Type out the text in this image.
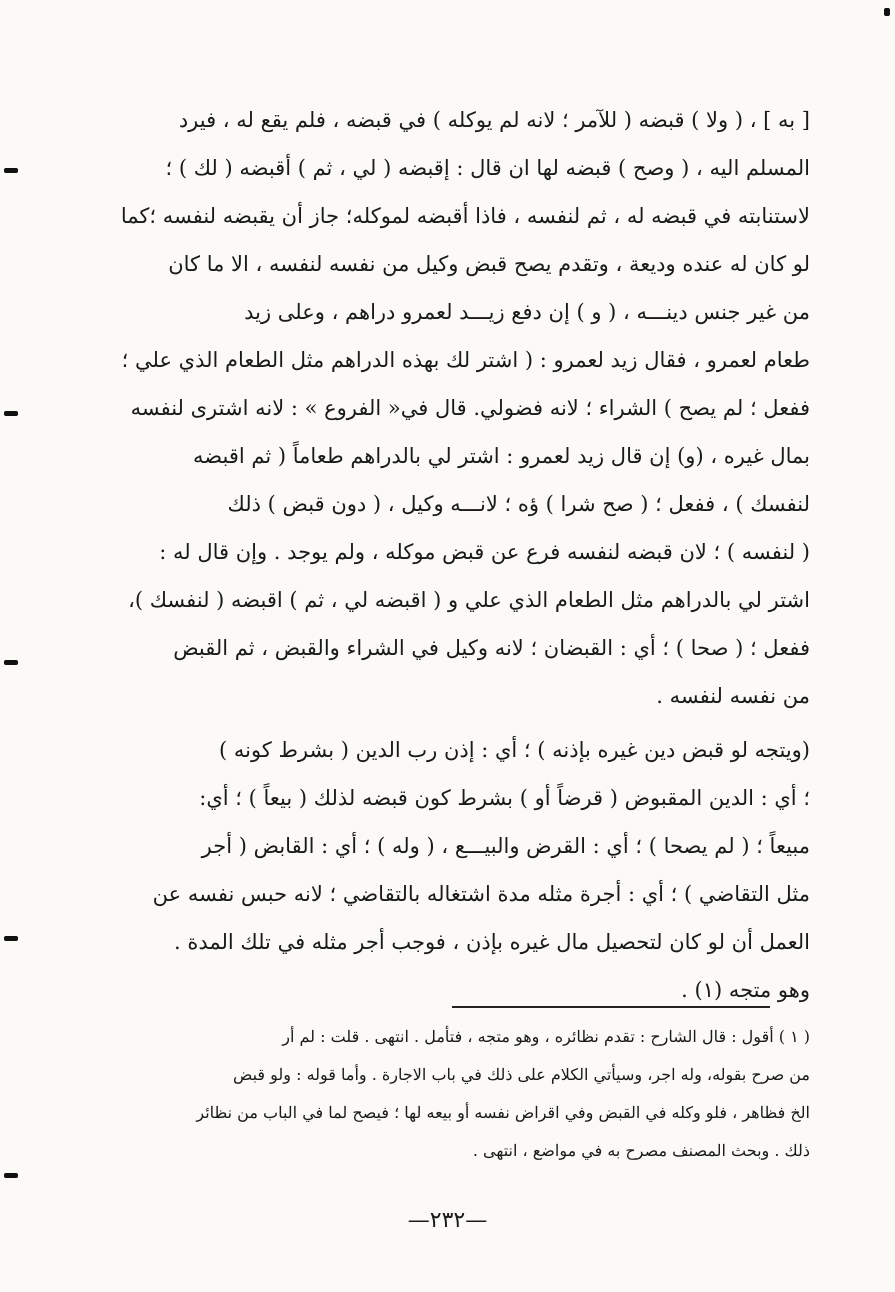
[ به ] ، ( ولا ) قبضه ( للآمر ؛ لانه لم يوكله ) في قبضه ، فلم يقع له ، فيرد
المسلم اليه ، ( وصح ) قبضه لها ان قال : إقبضه ( لي ، ثم ) أقبضه ( لك ) ؛
لاستنابته في قبضه له ، ثم لنفسه ، فاذا أقبضه لموكله؛ جاز أن يقبضه لنفسه ؛كما
لو كان له عنده وديعة ، وتقدم يصح قبض وكيل من نفسه لنفسه ، الا ما كان
من غير جنس دينـــه ، ( و ) إن دفع زيـــد لعمرو دراهم ، وعلى زيد
طعام لعمرو ، فقال زيد لعمرو : ( اشتر لك بهذه الدراهم مثل الطعام الذي علي ؛
ففعل ؛ لم يصح ) الشراء ؛ لانه فضولي. قال في« الفروع » : لانه اشترى لنفسه
بمال غيره ، (و) إن قال زيد لعمرو : اشتر لي بالدراهم طعاماً ( ثم اقبضه
لنفسك ) ، ففعل ؛ ( صح شرا ) ؤه ؛ لانـــه وكيل ، ( دون قبض ) ذلك
( لنفسه ) ؛ لان قبضه لنفسه فرع عن قبض موكله ، ولم يوجد . وإن قال له :
اشتر لي بالدراهم مثل الطعام الذي علي و ( اقبضه لي ، ثم ) اقبضه ( لنفسك )،
ففعل ؛ ( صحا ) ؛ أي : القبضان ؛ لانه وكيل في الشراء والقبض ، ثم القبض
من نفسه لنفسه .
(ويتجه لو قبض دين غيره بإذنه ) ؛ أي : إذن رب الدين ( بشرط كونه )
؛ أي : الدين المقبوض ( قرضاً أو ) بشرط كون قبضه لذلك ( بيعاً ) ؛ أي:
مبيعاً ؛ ( لم يصحا ) ؛ أي : القرض والبيـــع ، ( وله ) ؛ أي : القابض ( أجر
مثل التقاضي ) ؛ أي : أجرة مثله مدة اشتغاله بالتقاضي ؛ لانه حبس نفسه عن
العمل أن لو كان لتحصيل مال غيره بإذن ، فوجب أجر مثله في تلك المدة .
وهو متجه (١) .
( ١ ) أقول : قال الشارح : تقدم نظائره ، وهو متجه ، فتأمل . انتهى . قلت : لم أر
من صرح بقوله، وله اجر، وسيأتي الكلام على ذلك في باب الاجارة . وأما قوله : ولو قبض
الخ فظاهر ، فلو وكله في القبض وفي اقراض نفسه أو بيعه لها ؛ فيصح لما في الباب من نظائر
ذلك . وبحث المصنف مصرح به في مواضع ، انتهى .
—٢٣٢—
